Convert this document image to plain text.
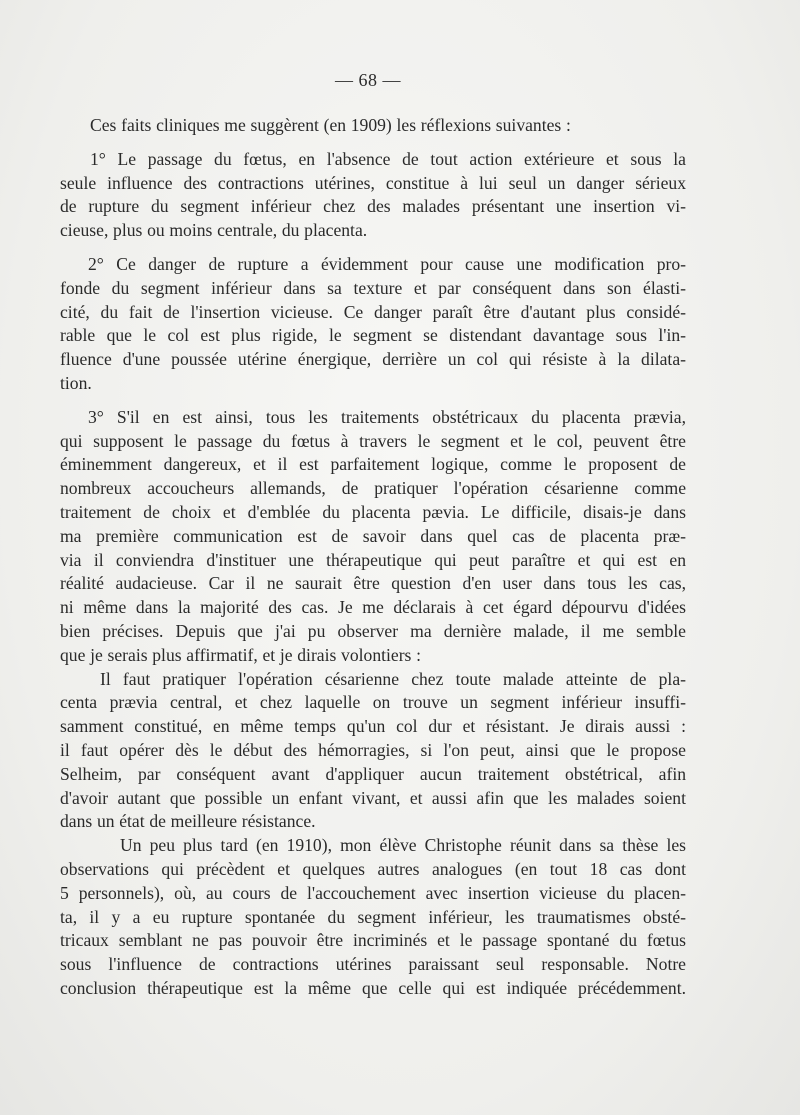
— 68 —

Ces faits cliniques me suggèrent (en 1909) les réflexions suivantes :

1° Le passage du fœtus, en l'absence de tout action extérieure et sous la
seule influence des contractions utérines, constitue à lui seul un danger sérieux
de rupture du segment inférieur chez des malades présentant une insertion vi-
cieuse, plus ou moins centrale, du placenta.

2° Ce danger de rupture a évidemment pour cause une modification pro-
fonde du segment inférieur dans sa texture et par conséquent dans son élasti-
cité, du fait de l'insertion vicieuse. Ce danger paraît être d'autant plus considé-
rable que le col est plus rigide, le segment se distendant davantage sous l'in-
fluence d'une poussée utérine énergique, derrière un col qui résiste à la dilata-
tion.

3° S'il en est ainsi, tous les traitements obstétricaux du placenta prævia,
qui supposent le passage du fœtus à travers le segment et le col, peuvent être
éminemment dangereux, et il est parfaitement logique, comme le proposent de
nombreux accoucheurs allemands, de pratiquer l'opération césarienne comme
traitement de choix et d'emblée du placenta pævia. Le difficile, disais-je dans
ma première communication est de savoir dans quel cas de placenta præ-
via il conviendra d'instituer une thérapeutique qui peut paraître et qui est en
réalité audacieuse. Car il ne saurait être question d'en user dans tous les cas,
ni même dans la majorité des cas. Je me déclarais à cet égard dépourvu d'idées
bien précises. Depuis que j'ai pu observer ma dernière malade, il me semble
que je serais plus affirmatif, et je dirais volontiers :

Il faut pratiquer l'opération césarienne chez toute malade atteinte de pla-
centa prævia central, et chez laquelle on trouve un segment inférieur insuffi-
samment constitué, en même temps qu'un col dur et résistant. Je dirais aussi :
il faut opérer dès le début des hémorragies, si l'on peut, ainsi que le propose
Selheim, par conséquent avant d'appliquer aucun traitement obstétrical, afin
d'avoir autant que possible un enfant vivant, et aussi afin que les malades soient
dans un état de meilleure résistance.

Un peu plus tard (en 1910), mon élève Christophe réunit dans sa thèse les
observations qui précèdent et quelques autres analogues (en tout 18 cas dont
5 personnels), où, au cours de l'accouchement avec insertion vicieuse du placen-
ta, il y a eu rupture spontanée du segment inférieur, les traumatismes obsté-
tricaux semblant ne pas pouvoir être incriminés et le passage spontané du fœtus
sous l'influence de contractions utérines paraissant seul responsable. Notre
conclusion thérapeutique est la même que celle qui est indiquée précédemment.
